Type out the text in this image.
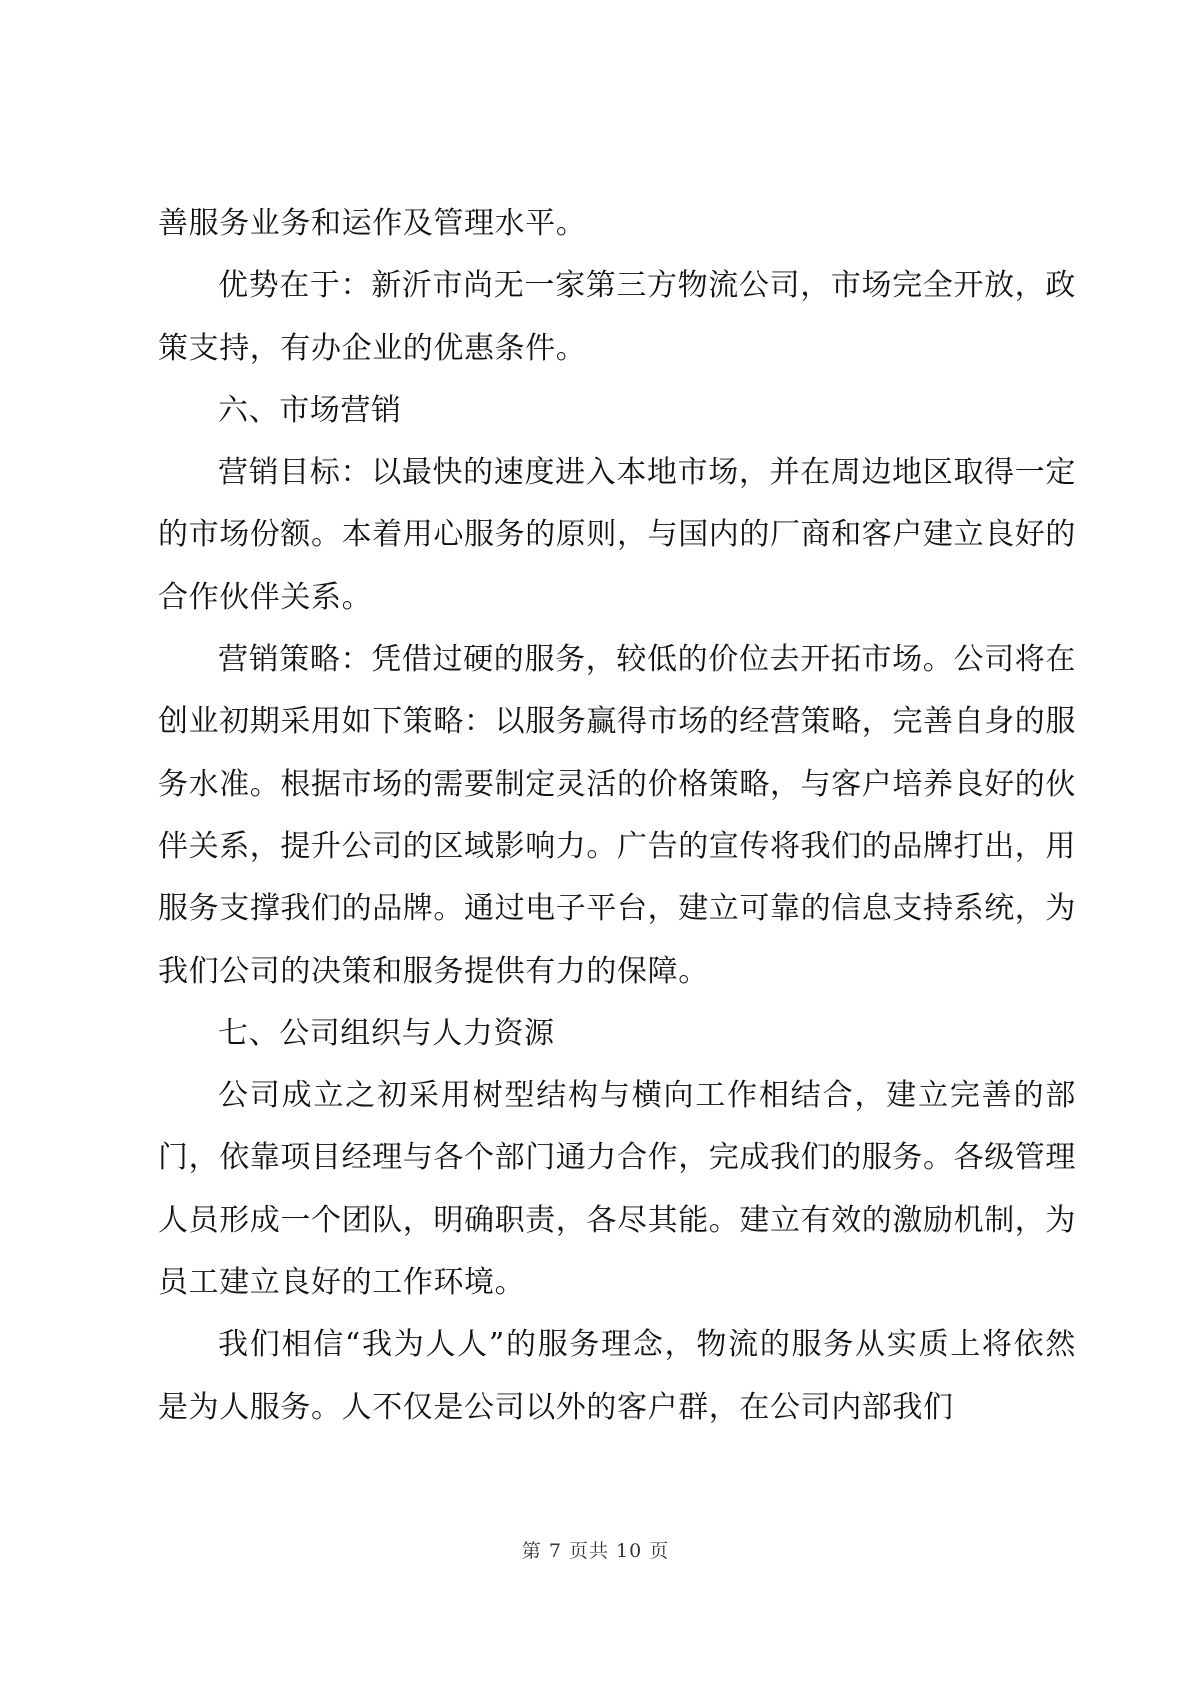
善服务业务和运作及管理水平。

优势在于：新沂市尚无一家第三方物流公司，市场完全开放，政策支持，有办企业的优惠条件。

六、市场营销

营销目标：以最快的速度进入本地市场，并在周边地区取得一定的市场份额。本着用心服务的原则，与国内的厂商和客户建立良好的合作伙伴关系。

营销策略：凭借过硬的服务，较低的价位去开拓市场。公司将在创业初期采用如下策略：以服务赢得市场的经营策略，完善自身的服务水准。根据市场的需要制定灵活的价格策略，与客户培养良好的伙伴关系，提升公司的区域影响力。广告的宣传将我们的品牌打出，用服务支撑我们的品牌。通过电子平台，建立可靠的信息支持系统，为我们公司的决策和服务提供有力的保障。

七、公司组织与人力资源

公司成立之初采用树型结构与横向工作相结合，建立完善的部门，依靠项目经理与各个部门通力合作，完成我们的服务。各级管理人员形成一个团队，明确职责，各尽其能。建立有效的激励机制，为员工建立良好的工作环境。

我们相信“我为人人”的服务理念，物流的服务从实质上将依然是为人服务。人不仅是公司以外的客户群，在公司内部我们

第 7 页共 10 页
